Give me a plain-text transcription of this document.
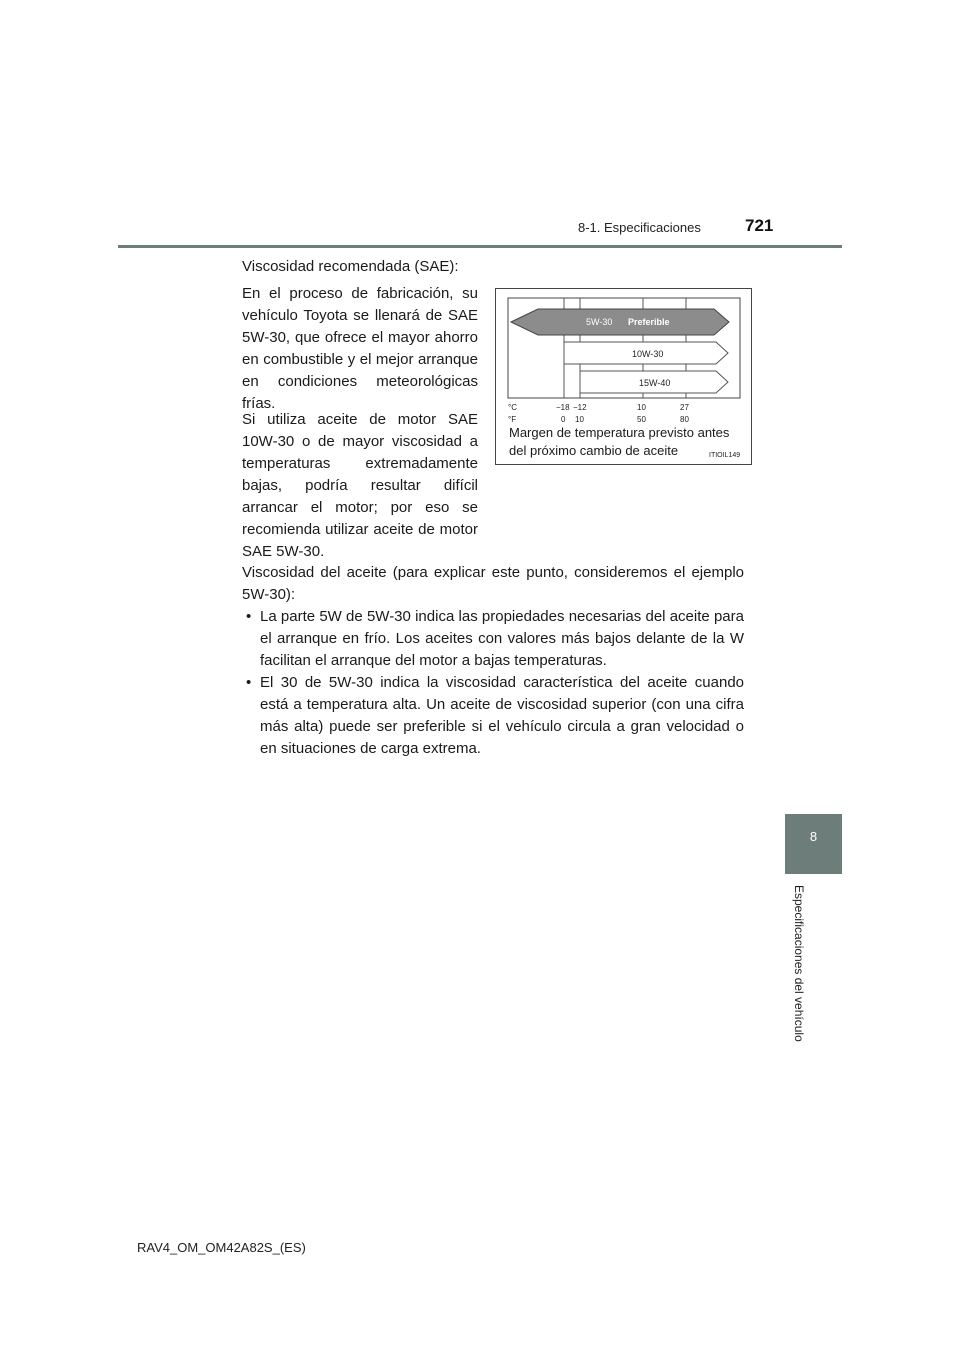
8-1. Especificaciones	721
8
Especificaciones del vehículo
Viscosidad recomendada (SAE):
En el proceso de fabricación, su vehículo Toyota se llenará de SAE 5W-30, que ofrece el mayor ahorro en combustible y el mejor arranque en condiciones meteorológicas frías.
Si utiliza aceite de motor SAE 10W-30 o de mayor viscosidad a temperaturas extremadamente bajas, podría resultar difícil arrancar el motor; por eso se recomienda utilizar aceite de motor SAE 5W-30.
Viscosidad del aceite (para explicar este punto, consideremos el ejemplo 5W-30):
• La parte 5W de 5W-30 indica las propiedades necesarias del aceite para el arranque en frío. Los aceites con valores más bajos delante de la W facilitan el arranque del motor a bajas temperaturas.
• El 30 de 5W-30 indica la viscosidad característica del aceite cuando está a temperatura alta. Un aceite de viscosidad superior (con una cifra más alta) puede ser preferible si el vehículo circula a gran velocidad o en situaciones de carga extrema.
5W-30 Preferible
10W-30
15W-40
°C
°F
−18 −12	10	27
0 10	50	80
Margen de temperatura previsto antes
del próximo cambio de aceite	ITIOIL149
RAV4_OM_OM42A82S_(ES)
